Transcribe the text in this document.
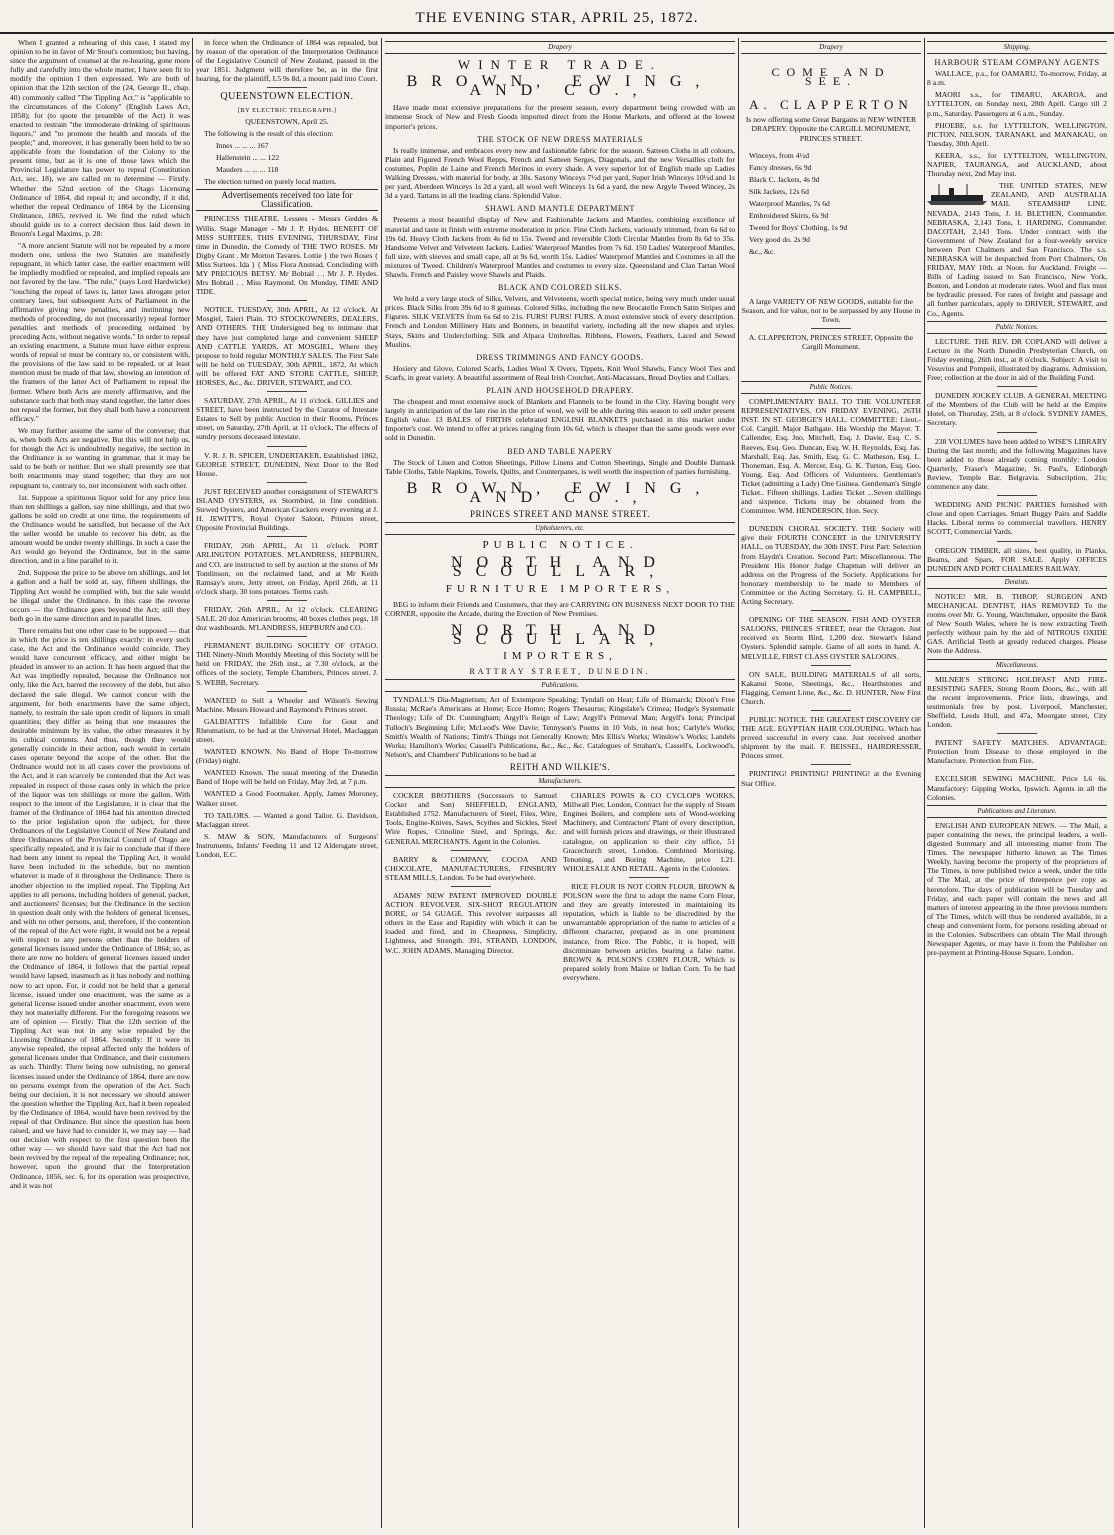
THE EVENING STAR, APRIL 25, 1872.

When I granted a rehearing of this case, I stated my opinion to be in favor of Mr Stout's contention; but having, since the argument of counsel at the re-hearing, gone more fully and carefully into the whole matter, I have seen fit to modify the opinion I then expressed. We are both of opinion that the 12th section of the (24, George II., chap. 40) commonly called "The Tippling Act," is "applicable to the circumstances of the Colony" (English Laws Act, 1858); for (to quote the preamble of the Act) it was enacted to restrain "the immoderate drinking of spirituous liquors," and "to promote the health and morals of the people;" and, moreover, it has generally been held to be so applicable from the foundation of the Colony to the present time, but as it is one of those laws which the Provincial Legislature has power to repeal (Constitution Act, sec. 18), we are called on to determine — Firstly. Whether the 52nd section of the Otago Licensing Ordinance of 1864, did repeal it; and secondly, if it did, whether the repeal Ordinance of 1864 by the Licensing Ordinance, 1865, revived it. We find the ruled which should guide us to a correct decision thus laid down in Broom's Legal Maxims, p. 28:

"A more ancient Statute will not be repealed by a more modern one, unless the two Statutes are manifestly repugnant, in which latter case, the earlier enactment will be impliedly modified or repealed, and implied repeals are not favored by the law. "The rule," (says Lord Hardwicke) "touching the repeal of laws is, latter laws abrogate prior contrary laws, but subsequent Acts of Parliament in the affirmative giving new penalties, and instituting new methods of proceeding, do not (necessarily) repeal former penalties and methods of proceeding ordained by preceding Acts, without negative words." In order to repeal an existing enactment, a Statute must have either express words of repeal or must be contrary to, or consistent with, the provisions of the law said to be repealed, or at least mention must be made of that law, showing an intention of the framers of the latter Act of Parliament to repeal the former. Where both Acts are merely affirmative, and the substance such that both may stand together, the latter does not repeal the former, but they shall both have a concurrent efficacy."

We may further assume the same of the converse; that is, when both Acts are negative. But this will not help us, for though the Act is undoubtedly negative, the section in the Ordinance is so wanting in grammar, that it may be said to be both or neither. But we shall presently see that both enactments may stand together; that they are not repugnant to, contrary to, nor inconsistent with each other.

1st. Suppose a spirituous liquor sold for any price less than ten shillings a gallon, say nine shillings, and that two gallons be sold on credit at one time, the requirements of the Ordinance would be satisfied, but because of the Act the seller would be unable to recover his debt, as the amount would be under twenty shillings. In such a case the Act would go beyond the Ordinance, but in the same direction, and in a line parallel to it.

2nd. Suppose the price to be above ten shillings, and let a gallon and a half be sold at, say, fifteen shillings, the Tippling Act would be complied with, but the sale would be illegal under the Ordinance. In this case the reverse occurs — the Ordinance goes beyond the Act; still they both go in the same direction and in parallel lines.

There remains but one other case to be supposed — that in which the price is ten shillings exactly: in every such case, the Act and the Ordinance would coincide. They would have concurrent efficacy, and either might be pleaded in answer to an action. It has been argued that the Act was impliedly repealed, because the Ordinance not only, like the Act, barred the recovery of the debt, but also declared the sale illegal. We cannot concur with the argument, for both enactments have the same object, namely, to restrain the sale upon credit of liquors in small quantities; they differ as being that one measures the desirable minimum by its value, the other measures it by its cubical contents. And thus, though they would generally coincide in their action, each would in certain cases operate beyond the scope of the other. But the Ordinance would not in all cases cover the provisions of the Act, and it can scarcely be contended that the Act was repealed in respect of those cases only in which the price of the liquor was ten shillings or more the gallon. With respect to the intent of the Legislature, it is clear that the framer of the Ordinance of 1864 had his attention directed to the prior legislation upon the subject, for three Ordinances of the Legislative Council of New Zealand and three Ordinances of the Provincial Council of Otago are specifically repealed, and it is fair to conclude that if there had been any intent to repeal the Tippling Act, it would have been included in the schedule, but no mention whatever is made of it throughout the Ordinance. There is another objection to the implied repeal. The Tippling Act applies to all persons, including holders of general, packet, and auctioneers' licenses; but the Ordinance in the section in question dealt only with the holders of general licenses, and with no other persons, and, therefore, if the contention of the repeal of the Act were right, it would not be a repeal with respect to any persons other than the holders of general licenses issued under the Ordinance of 1864; so, as there are now no holders of general licenses issued under the Ordinance of 1864, it follows that the partial repeal would have lapsed, inasmuch as it has nobody and nothing now to act upon. For, it could not be held that a general license, issued under one enactment, was the same as a general license issued under another enactment, even were they not materially different. For the foregoing reasons we are of opinion — Firstly: That the 12th section of the Tippling Act was not in any wise repealed by the Licensing Ordinance of 1864. Secondly: If it were in anywise repealed, the repeal affected only the holders of general licenses under that Ordinance, and their customers as such. Thirdly: There being now subsisting, no general licenses issued under the Ordinance of 1864, there are now no persons exempt from the operation of the Act. Such being our decision, it is not necessary we should answer the question whether the Tippling Act, had it been repealed by the Ordinance of 1864, would have been revived by the repeal of that Ordinance. But since the question has been raised, and we have had to consider it, we may say — had our decision with respect to the first question been the other way — we should have said that the Act had not been revived by the repeal of the repealing Ordinance; not, however, upon the ground that the Interpretation Ordinance, 1856, sec. 6, for its operation was prospective, and it was not

in force when the Ordinance of 1864 was repealed, but by reason of the operation of the Interpretation Ordinance of the Legislative Council of New Zealand, passed in the year 1851. Judgment will therefore be, as in the first hearing, for the plaintiff, L5 9s 8d, a mount paid into Court.

QUEENSTOWN ELECTION.
[BY ELECTRIC TELEGRAPH.]

QUEENSTOWN, April 25.

The following is the result of this election:

Innes ... ... ... 167

Hallenstein ... ... 122

Mauders ... ... ... 118

The election turned on purely local matters.

Advertisements received too late for Classification.

PRINCESS THEATRE. Lessees - Messrs Geddes & Willis. Stage Manager - Mr J. P. Hydes. BENEFIT OF MISS SURTEES, THIS EVENING, THURSDAY, First time in Dunedin, the Comedy of THE TWO ROSES. Mr Digby Grant . Mr Morton Tavares. Lottie } the two Roses { Miss Surtees. Ida } { Miss Flora Anstead. Concluding with MY PRECIOUS BETSY. Mr Bobtail . . Mr J. P. Hydes. Mrs Bobtail . . Miss Raymond. On Monday, TIME AND TIDE.

NOTICE. TUESDAY, 30th APRIL, At 12 o'clock. At Mosgiel, Taieri Plain. TO STOCKOWNERS, DEALERS, AND OTHERS. THE Undersigned beg to intimate that they have just completed large and convenient SHEEP AND CATTLE YARDS, AT MOSGIEL, Where they propose to hold regular MONTHLY SALES. The First Sale will be held on TUESDAY, 30th APRIL, 1872, At which will be offered FAT AND STORE CATTLE, SHEEP, HORSES, &c., &c. DRIVER, STEWART, and CO.

SATURDAY, 27th APRIL, At 11 o'clock. GILLIES and STREET, have been instructed by the Curator of Intestate Estates to Sell by public Auction in their Rooms, Princes street, on Saturday, 27th April, at 11 o'clock, The effects of sundry persons deceased intestate.

V. R. J. R. SPICER, UNDERTAKER, Established 1862, GEORGE STREET, DUNEDIN, Next Door to the Red House.

JUST RECEIVED another consignment of STEWART'S ISLAND OYSTERS, ex Stormbird, in fine condition. Stewed Oysters, and American Crackers every evening at J. H. JEWITT'S, Royal Oyster Saloon, Princes street, Opposite Provincial Buildings.

FRIDAY, 26th APRIL, At 11 o'clock. PORT ARLINGTON POTATOES. M'LANDRESS, HEPBURN, and CO. are instructed to sell by auction at the stores of Mr Tomlinson, on the reclaimed land, and at Mr Keith Ramsay's store, Jetty street, on Friday, April 26th, at 11 o'clock sharp, 30 tons potatoes. Terms cash.

FRIDAY, 26th APRIL, At 12 o'clock. CLEARING SALE. 20 doz American brooms, 40 boxes clothes pegs, 18 doz washboards. M'LANDRESS, HEPBURN and CO.

PERMANENT BUILDING SOCIETY OF OTAGO. THE Ninety-Ninth Monthly Meeting of this Society will be held on FRIDAY, the 26th inst., at 7.30 o'clock, at the offices of the society, Temple Chambers, Princes street. J. S. WEBB, Secretary.

WANTED to Sell a Wheeler and Wilson's Sewing Machine. Messrs Howard and Raymond's Princes street.

GALBIATTI'S Infallible Cure for Gout and Rheumatism, to be had at the Universal Hotel, Maclaggan street.

WANTED KNOWN. No Band of Hope To-morrow (Friday) night.

WANTED Known. The usual meeting of the Dunedin Band of Hope will be held on Friday, May 3rd, at 7 p.m.

WANTED a Good Footmaker. Apply, James Moroney, Walker street.

TO TAILORS. — Wanted a good Tailor. G. Davidson, Maclaggan street.

S. MAW & SON, Manufacturers of Surgeons' Instruments, Infants' Feeding 11 and 12 Aldersgate street, London, E.C.

Drapery
WINTER TRADE.
BROWN, EWING, AND CO.,

Have made most extensive preparations for the present season, every department being crowded with an immense Stock of New and Fresh Goods imported direct from the Home Markets, and offered at the lowest importer's prices.

THE STOCK OF NEW DRESS MATERIALS

Is really immense, and embraces every new and fashionable fabric for the season. Satteen Cloths in all colours, Plain and Figured French Wool Repps, French and Satteen Serges, Diagonals, and the new Versailles cloth for costumes, Poplin de Laine and French Merinos in every shade. A very superior lot of English made up Ladies Walking Dresses, with material for body, at 30s. Saxony Winceys 7½d per yard, Super Irish Winceys 10½d and 1s per yard, Aberdeen Winceys 1s 2d a yard, all wool weft Winceys 1s 6d a yard, the new Argyle Tweed Wincey, 2s 3d a yard. Tartans in all the leading clans. Splendid Value.

SHAWL AND MANTLE DEPARTMENT

Presents a most beautiful display of New and Fashionable Jackets and Mantles, combining excellence of material and taste in finish with extreme moderation in price. Fine Cloth Jackets, variously trimmed, from 6s 6d to 19s 6d. Heavy Cloth Jackets from 4s 6d to 15s. Tweed and reversible Cloth Circular Mantles from 8s 6d to 35s. Handsome Velvet and Velveteen Jackets. Ladies' Waterproof Mantles from 7s 6d. 150 Ladies' Waterproof Mantles, full size, with sleeves and small cape, all at 9s 6d, worth 15s. Ladies' Waterproof Mantles and Costumes in all the mixtures of Tweed. Children's Waterproof Mantles and costumes to every size. Queensland and Clan Tartan Wool Shawls. French and Paisley wove Shawls and Plaids.

BLACK AND COLORED SILKS.

We hold a very large stock of Silks, Velvets, and Velveteens, worth special notice, being very much under usual prices. Black Silks from 39s 6d to 8 guineas. Colored Silks, including the new Brocatelle French Satin Stripes and Figures. SILK VELVETS from 6s 6d to 21s. FURS! FURS! FURS. A most extensive stock of every description. French and London Millinery Hats and Bonnets, in beautiful variety, including all the new shapes and styles. Stays, Skirts and Underclothing. Silk and Alpaca Umbrellas. Ribbons, Flowers, Feathers, Laced and Sewed Muslins.

DRESS TRIMMINGS AND FANCY GOODS.

Hosiery and Glove, Colored Scarfs, Ladies Wool X Overs, Tippets, Knit Wool Shawls, Fancy Wool Ties and Scarfs, in great variety. A beautiful assortment of Real Irish Crotchet, Anti-Macassars, Bread Doylies and Collars.

PLAIN AND HOUSEHOLD DRAPERY.

The cheapest and most extensive stock of Blankets and Flannels to be found in the City. Having bought very largely in anticipation of the late rise in the price of wool, we will be able during this season to sell under present English value. 13 BALES of FIRTHS celebrated ENGLISH BLANKETS purchased in this market under Importer's cost. We intend to offer at prices ranging from 10s 6d, which is cheaper than the same goods were ever sold in Dunedin.

BED AND TABLE NAPERY

The Stock of Linen and Cotton Sheetings, Pillow Linens and Cotton Sheetings, Single and Double Damask Table Cloths, Table Napkins, Towels, Quilts, and Counterpanes, is well worth the inspection of parties furnishing.

BROWN, EWING, AND CO.,
PRINCES STREET AND MANSE STREET.
Upholsterers, etc.
PUBLIC NOTICE.
NORTH AND SCOULLAR,
FURNITURE IMPORTERS,

BEG to inform their Friends and Customers, that they are CARRYING ON BUSINESS NEXT DOOR TO THE CORNER, opposite the Arcade, during the Erection of New Premises.

NORTH AND SCOULLAR,
IMPORTERS,
RATTRAY STREET, DUNEDIN.
Publications.

TYNDALL'S Dia-Magnetism; Art of Extempore Speaking; Tyndall on Heat; Life of Bismarck; Dixon's Free Russia; McRae's Americans at Home; Ecce Homo; Rogers Thesaurus; Kingslake's Crimea; Hodge's Systematic Theology; Life of Dr. Cunningham; Argyll's Reign of Law; Argyll's Primeval Man; Argyll's Iona; Principal Tulloch's Beginning Life; McLeod's Wee Davie; Tennyson's Poems in 10 Vols, in neat box; Carlyle's Works; Smith's Wealth of Nations; Timb's Things not Generally Known; Mrs Ellis's Works; Winslow's Works; Landels Works; Hamilton's Works; Cassell's Publications, &c., &c., &c. Catalogues of Strahan's, Cassell's, Lockwood's, Nelson's, and Chambers' Publications to be had at

REITH AND WILKIE'S.
Manufacturers.

COCKER BROTHERS (Successors to Samuel Cocker and Son) SHEFFIELD, ENGLAND, Established 1752. Manufacturers of Steel, Files, Wire, Tools, Engine-Knives, Saws, Scythes and Sickles, Steel Wire Ropes, Crinoline Steel, and Springs, &c. GENERAL MERCHANTS. Agent in the Colonies.

BARRY & COMPANY, COCOA AND CHOCOLATE, MANUFACTURERS, FINSBURY STEAM MILLS, London. To be had everywhere.

ADAMS' NEW PATENT IMPROVED DOUBLE ACTION REVOLVER. SIX-SHOT REGULATION BORE, or 54 GUAGE. This revolver surpasses all others in the Ease and Rapidity with which it can be loaded and fired, and in Cheapness, Simplicity, Lightness, and Strength. 391, STRAND, LONDON, W.C. JOHN ADAMS, Managing Director.

CHARLES POWIS & CO CYCLOPS WORKS, Millwall Pier, London, Contract for the supply of Steam Engines Boilers, and complete sets of Wood-working Machinery, and Contractors' Plant of every description, and will furnish prices and drawings, or their illustrated catalogue, on application to their city office, 51 Gracechurch street, London. Combined Mortising, Tenoning, and Boring Machine, price L21. WHOLESALE AND RETAIL. Agents in the Colonies.

RICE FLOUR IS NOT CORN FLOUR. BROWN & POLSON were the first to adopt the name Corn Flour, and they are greatly interested in maintaining its reputation, which is liable to be discredited by the unwarrantable appropriation of the name to articles of a different character, prepared as in one prominent instance, from Rice. The Public, it is hoped, will discriminate between articles bearing a false name. BROWN & POLSON'S CORN FLOUR, Which is prepared solely from Maize or Indian Corn. To be had everywhere.

Drapery
COME AND SEE.
A. CLAPPERTON

Is now offering some Great Bargains in NEW WINTER DRAPERY. Opposite the CARGILL MONUMENT, PRINCES STREET.

Winceys, from 4½d

Fancy dresses, 6s 9d

Black C. Jackets, 4s 9d

Silk Jackets, 12s 6d

Waterproof Mantles, 7s 6d

Embroidered Skirts, 6s 9d

Tweed for Boys' Clothing, 1s 9d

Very good do. 2s 9d

&c., &c.

A large VARIETY OF NEW GOODS, suitable for the Season, and for value, not to be surpassed by any House in Town.

A. CLAPPERTON, PRINCES STREET, Opposite the Cargill Monument.

Public Notices.

COMPLIMENTARY BALL TO THE VOLUNTEER REPRESENTATIVES, ON FRIDAY EVENING, 26TH INST. IN ST. GEORGE'S HALL. COMMITTEE: Lieut.-Col. Cargill. Major Bathgate. His Worship the Mayor. T. Callender, Esq. Jno. Mitchell, Esq. J. Davie, Esq. C. S. Reeves, Esq. Geo. Duncan, Esq. W. H. Reynolds, Esq. Jas. Marshall, Esq. Jas. Smith, Esq. G. C. Matheson, Esq. L. Thoneman, Esq. A. Mercer, Esq. G. K. Turton, Esq. Geo. Young, Esq. And Officers of Volunteers. Gentleman's Ticket (admitting a Lady) One Guinea. Gentleman's Single Ticket.. Fifteen shillings. Ladies Ticket ...Seven shillings and sixpence. Tickets may be obtained from the Committee. WM. HENDERSON, Hon. Secy.

DUNEDIN CHORAL SOCIETY. THE Society will give their FOURTH CONCERT in the UNIVERSITY HALL, on TUESDAY, the 30th INST. First Part: Selection from Haydn's Creation. Second Part: Miscellaneous. The President His Honor Judge Chapman will deliver an address on the Progress of the Society. Applications for honorary membership to be made to Members of Committee or the Acting Secretary. G. H. CAMPBELL, Acting Secretary.

OPENING OF THE SEASON. FISH AND OYSTER SALOONS, PRINCES STREET, near the Octagon. Just received ex Storm Bird, 1,200 doz. Stewart's Island Oysters. Splendid sample. Game of all sorts in hand. A. MELVILLE, FIRST CLASS OYSTER SALOONS.

ON SALE, BUILDING MATERIALS of all sorts, Kakanui Stone, Sheetings, &c., Hearthstones and Flagging, Cement Lime, &c., &c. D. HUNTER, New First Church.

PUBLIC NOTICE. THE GREATEST DISCOVERY OF THE AGE. EGYPTIAN HAIR COLOURING. Which has proved successful in every case. Just received another shipment by the mail. F. BEISSEL, HAIRDRESSER, Princes street.

PRINTING! PRINTING! PRINTING! at the Evening Star Office.

Shipping.
HARBOUR STEAM COMPANY AGENTS

WALLACE, p.s., for OAMARU, To-morrow, Friday, at 8 a.m.

MAORI s.s., for TIMARU, AKAROA, and LYTTELTON, on Sunday next, 28th April. Cargo till 2 p.m., Saturday. Passengers at 6 a.m., Sunday.

PHOEBE, s.s. for LYTTELTON, WELLINGTON, PICTON, NELSON, TARANAKI, and MANAKAU, on Tuesday, 30th April.

KEERA, s.s., for LYTTELTON, WELLINGTON, NAPIER, TAURANGA, and AUCKLAND, about Thursday next, 2nd May inst.

THE UNITED STATES, NEW ZEALAND, AND AUSTRALIA MAIL STEAMSHIP LINE. NEVADA, 2143 Tons, J. H. BLETHEN, Commander. NEBRASKA, 2,143 Tons, I. HARDING, Commander. DACOTAH, 2,143 Tons. Under contract with the Government of New Zealand for a four-weekly service between Port Chalmers and San Francisco. The s.s. NEBRASKA will be despatched from Port Chalmers, On FRIDAY, MAY 10th. at Noon. for Auckland. Freight — Bills of Lading issued to San Francisco, New York, Boston, and London at moderate rates. Wool and flax must be hydraulic pressed. For rates of freight and passage and all further particulars, apply to DRIVER, STEWART, and Co., Agents.

Public Notices.

LECTURE. THE REV. DR COPLAND will deliver a Lecture in the North Dunedin Presbyterian Church, on Friday evening, 26th inst., at 8 o'clock. Subject: A visit to Vesuvius and Pompeii, illustrated by diagrams. Admission, Free; collection at the door in aid of the Building Fund.

DUNEDIN JOCKEY CLUB. A GENERAL MEETING of the Members of the Club will be held at the Empire Hotel, on Thursday, 25th, at 8 o'clock. SYDNEY JAMES, Secretary.

238 VOLUMES have been added to WISE'S LIBRARY During the last month; and the following Magazines have been added to those already coming monthly: London Quarterly, Fraser's Magazine, St. Paul's, Edinburgh Review, Temple Bar, Belgravia. Subscription, 21s; commence any date.

WEDDING AND PICNIC PARTIES furnished with close and open Carriages. Smart Buggy Pairs and Saddle Hacks. Liberal terms to commercial travellers. HENRY SCOTT, Commercial Yards.

OREGON TIMBER, all sizes, best quality, in Planks, Beams, and Spars, FOR SALE. Apply OFFICES DUNEDIN AND PORT CHALMERS RAILWAY.

Dentists.

NOTICE! MR. B. THROP, SURGEON AND MECHANICAL DENTIST, HAS REMOVED To the rooms over Mr. G. Young, Watchmaker, opposite the Bank of New South Wales, where he is now extracting Teeth perfectly without pain by the aid of NITROUS OXIDE GAS. Artificial Teeth at greatly reduced charges. Please Note the Address.

Miscellaneous.

MILNER'S STRONG HOLDFAST AND FIRE-RESISTING SAFES, Strong Room Doors, &c., with all the recent improvements. Price lists, drawings, and testimonials free by post. Liverpool, Manchester, Sheffield, Leeds Hull, and 47a, Moorgate street, City London.

PATENT SAFETY MATCHES. ADVANTAGE: Protection from Disease to those employed in the Manufacture. Protection from Fire.

EXCELSIOR SEWING MACHINE. Price L6 6s. Manufactory: Gipping Works, Ipswich. Agents in all the Colonies.

Publications and Literature.

ENGLISH AND EUROPEAN NEWS. — The Mail, a paper containing the news, the principal leaders, a well-digested Summary and all interesting matter from The Times. The newspaper hitherto known as The Times Weekly, having become the property of the proprietors of The Times, is now published twice a week, under the title of The Mail, at the price of threepence per copy as heretofore. The days of publication will be Tuesday and Friday, and each paper will contain the news and all matters of interest appearing in the three previous numbers of The Times, which will thus be rendered available, in a cheap and convenient form, for persons residing abroad or in the Colonies. Subscribers can obtain The Mail through Newspaper Agents, or may have it from the Publisher on pre-payment at Printing-House Square, London.
